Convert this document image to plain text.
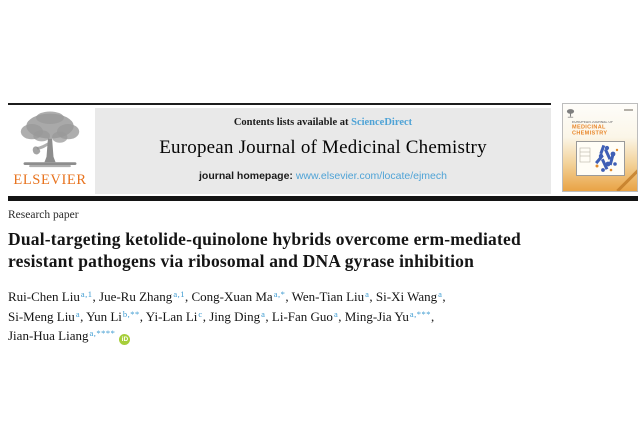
ELSEVIER
Contents lists available at ScienceDirect
European Journal of Medicinal Chemistry
journal homepage: www.elsevier.com/locate/ejmech
EUROPEAN JOURNAL OF
MEDICINAL
CHEMISTRY
Research paper
Dual-targeting ketolide-quinolone hybrids overcome erm-mediated
resistant pathogens via ribosomal and DNA gyrase inhibition
Rui-Chen Liu$^{a,1}$, Jue-Ru Zhang$^{a,1}$, Cong-Xuan $Ma^{a,*}$, Wen-Tian Liu$^a$, Si-Xi Wang$^a$,
Si-Meng Liu$^a$, Yun $Li^{b,**}$, Yi-Lan Li$^c$, Jing Ding$^a$, Li-Fan Guo$^a$, Ming-Jia $Yu^{a,***}$,
Jian-Hua Liang$^{a,****}$iD
